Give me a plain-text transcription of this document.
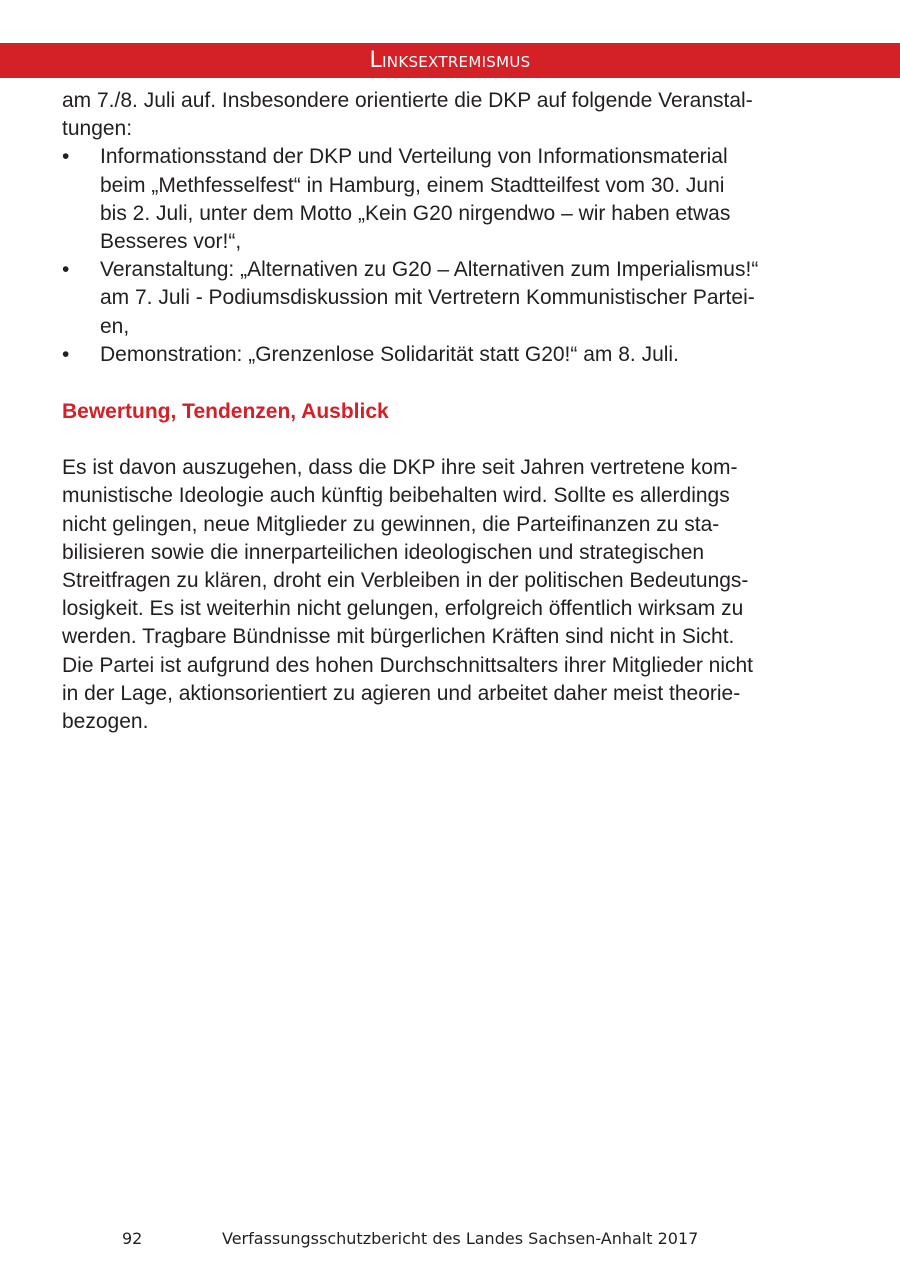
Linksextremismus
am 7./8. Juli auf. Insbesondere orientierte die DKP auf folgende Veranstal-
tungen:
• Informationsstand der DKP und Verteilung von Informationsmaterial
beim „Methfesselfest“ in Hamburg, einem Stadtteilfest vom 30. Juni
bis 2. Juli, unter dem Motto „Kein G20 nirgendwo – wir haben etwas
Besseres vor!“,
• Veranstaltung: „Alternativen zu G20 – Alternativen zum Imperialismus!“
am 7. Juli - Podiumsdiskussion mit Vertretern Kommunistischer Partei-
en,
• Demonstration: „Grenzenlose Solidarität statt G20!“ am 8. Juli.
Bewertung, Tendenzen, Ausblick
Es ist davon auszugehen, dass die DKP ihre seit Jahren vertretene kom-
munistische Ideologie auch künftig beibehalten wird. Sollte es allerdings
nicht gelingen, neue Mitglieder zu gewinnen, die Parteifinanzen zu sta-
bilisieren sowie die innerparteilichen ideologischen und strategischen
Streitfragen zu klären, droht ein Verbleiben in der politischen Bedeutungs-
losigkeit. Es ist weiterhin nicht gelungen, erfolgreich öffentlich wirksam zu
werden. Tragbare Bündnisse mit bürgerlichen Kräften sind nicht in Sicht.
Die Partei ist aufgrund des hohen Durchschnittsalters ihrer Mitglieder nicht
in der Lage, aktionsorientiert zu agieren und arbeitet daher meist theorie-
bezogen.
92	Verfassungsschutzbericht des Landes Sachsen-Anhalt 2017
